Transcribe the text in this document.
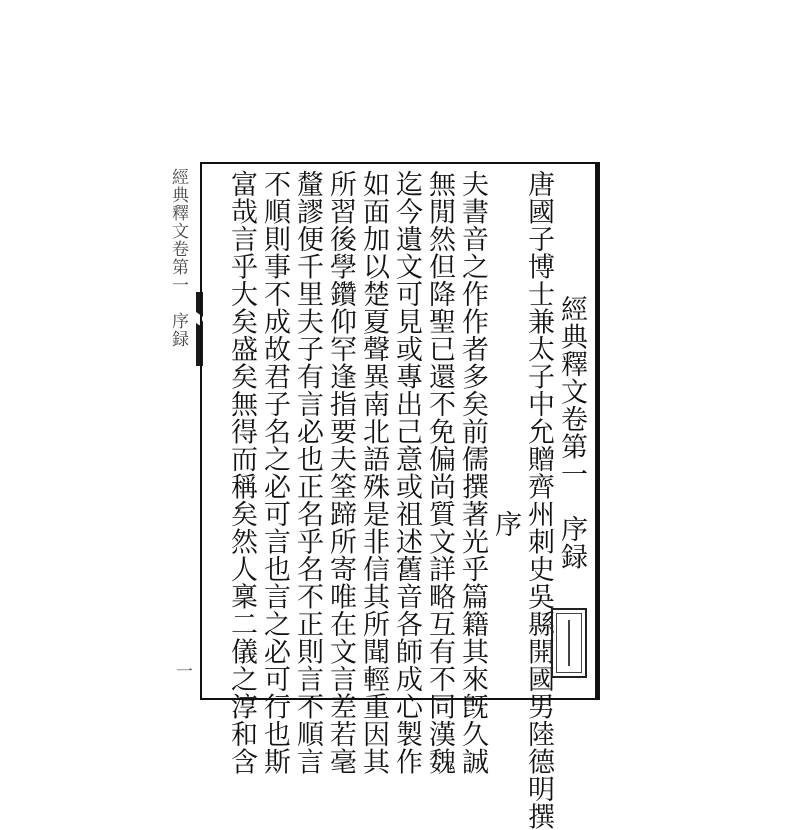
經典釋文卷第一　序録
一
經典釋文卷第一　序録
唐國子博士兼太子中允贈齊州刺史吳縣開國男陸德明撰
序
夫書音之作作者多矣前儒撰著光乎篇籍其來旣久誠
無閒然但降聖已還不免偏尚質文詳略互有不同漢魏
迄今遺文可見或專出己意或祖述舊音各師成心製作
如面加以楚夏聲異南北語殊是非信其所聞輕重因其
所習後學鑽仰罕逢指要夫筌蹄所寄唯在文言差若毫
釐謬便千里夫子有言必也正名乎名不正則言不順言
不順則事不成故君子名之必可言也言之必可行也斯
富哉言乎大矣盛矣無得而稱矣然人稟二儀之淳和含
